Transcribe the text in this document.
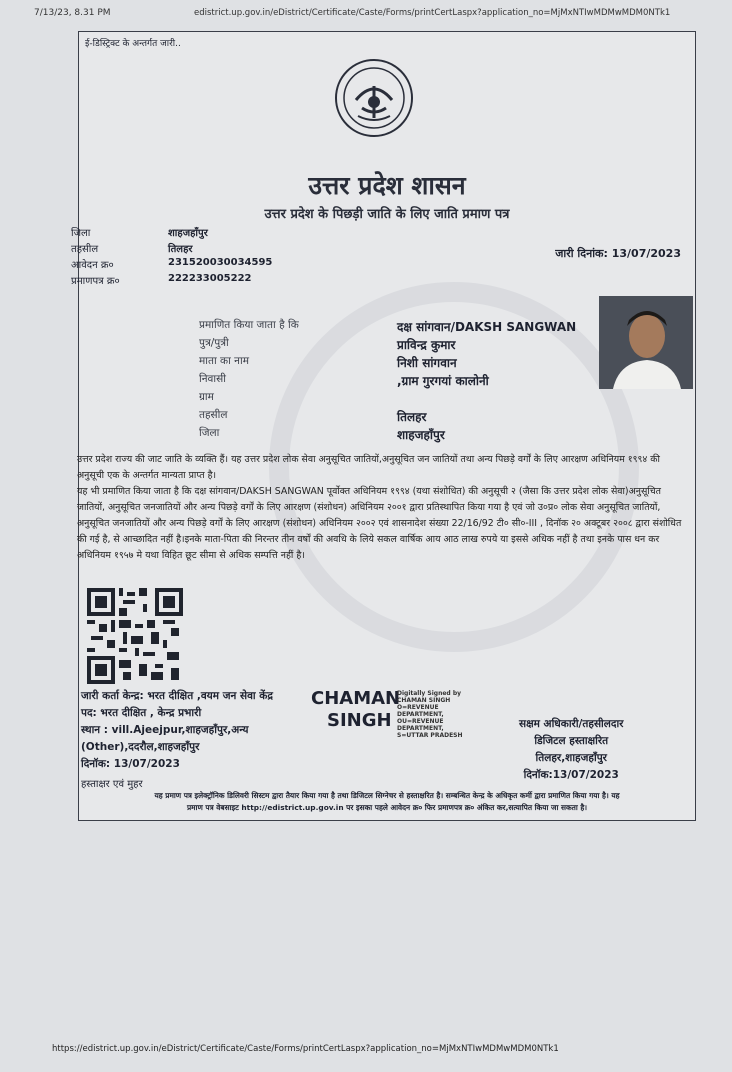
7/13/23, 8.31 PM	edistrict.up.gov.in/eDistrict/Certificate/Caste/Forms/printCertLaspx?application_no=MjMxNTIwMDMwMDM0NTk1
ई-डिस्ट्रिक्ट के अन्तर्गत जारी..
उत्तर प्रदेश शासन
उत्तर प्रदेश के पिछड़ी जाति के लिए जाति प्रमाण पत्र
जिला	शाहजहाँपुर
तहसील	तिलहर
आवेदन क्र०	231520030034595
प्रमाणपत्र क्र०	222233005222
जारी दिनांक: 13/07/2023
प्रमाणित किया जाता है कि	दक्ष सांगवान/DAKSH SANGWAN
पुत्र/पुत्री	प्राविन्द्र कुमार
माता का नाम	निशी सांगवान
निवासी	,ग्राम गुरगयां कालोनी
ग्राम
तहसील	तिलहर
जिला	शाहजहाँपुर

उत्तर प्रदेश राज्य की जाट जाति के व्यक्ति हैं। यह उत्तर प्रदेश लोक सेवा अनुसूचित जातियों,अनुसूचित जन जातियों तथा अन्य पिछड़े वर्गों के लिए आरक्षण अधिनियम १९९४ की अनुसूची एक के अन्तर्गत मान्यता प्राप्त है।

यह भी प्रमाणित किया जाता है कि दक्ष सांगवान/DAKSH SANGWAN पूर्वोक्त अधिनियम १९९४ (यथा संशोधित) की अनुसूची २ (जैसा कि उत्तर प्रदेश लोक सेवा)अनुसूचित जातियों, अनुसूचित जनजातियों और अन्य पिछड़े वर्गों के लिए आरक्षण (संशोधन) अधिनियम २००१ द्वारा प्रतिस्थापित किया गया है एवं जो उ०प्र० लोक सेवा अनुसूचित जातियों, अनुसूचित जनजातियों और अन्य पिछड़े वर्गों के लिए आरक्षण (संशोधन) अधिनियम २००२ एवं शासनादेश संख्या 22/16/92 टी० सी०-III , दिनॉक २० अक्टूबर २००८ द्वारा संशोधित की गई है, से आच्छादित नहीं है।इनके माता-पिता की निरन्तर तीन वर्षों की अवधि के लिये सकल वार्षिक आय आठ लाख रुपये या इससे अधिक नहीं है तथा इनके पास धन कर अधिनियम १९५७ मे यथा विहित छूट सीमा से अधिक सम्पत्ति नहीं है।

जारी कर्ता केन्द्र: भरत दीक्षित ,वयम जन सेवा केंद्र
पद: भरत दीक्षित , केन्द्र प्रभारी
स्थान : vill.Ajeejpur,शाहजहाँपुर,अन्य
(Other),ददरौल,शाहजहाँपुर
दिनॉक: 13/07/2023
CHAMAN
SINGH
Digitally Signed by
CHAMAN SINGH
O=REVENUE
DEPARTMENT,
OU=REVENUE
DEPARTMENT,
S=UTTAR PRADESH
सक्षम अधिकारी/तहसीलदार
डिजिटल हस्ताक्षरित
तिलहर,शाहजहाँपुर
दिनॉक:13/07/2023
हस्ताक्षर एवं मुहर
यह प्रमाण पत्र इलेक्ट्रॉनिक डिलिवरी सिस्टम द्वारा तैयार किया गया है तथा डिजिटल सिग्नेचर से हस्ताक्षरित है। सम्बन्धित केन्द्र के अधिकृत कर्मी द्वारा प्रमाणित किया गया है। यह
प्रमाण पत्र वेबसाइट http://edistrict.up.gov.in पर इसका पहले आवेदन क्र० फिर प्रमाणपत्र क्र० अंकित कर,सत्यापित किया जा सकता है।
https://edistrict.up.gov.in/eDistrict/Certificate/Caste/Forms/printCertLaspx?application_no=MjMxNTIwMDMwMDM0NTk1
